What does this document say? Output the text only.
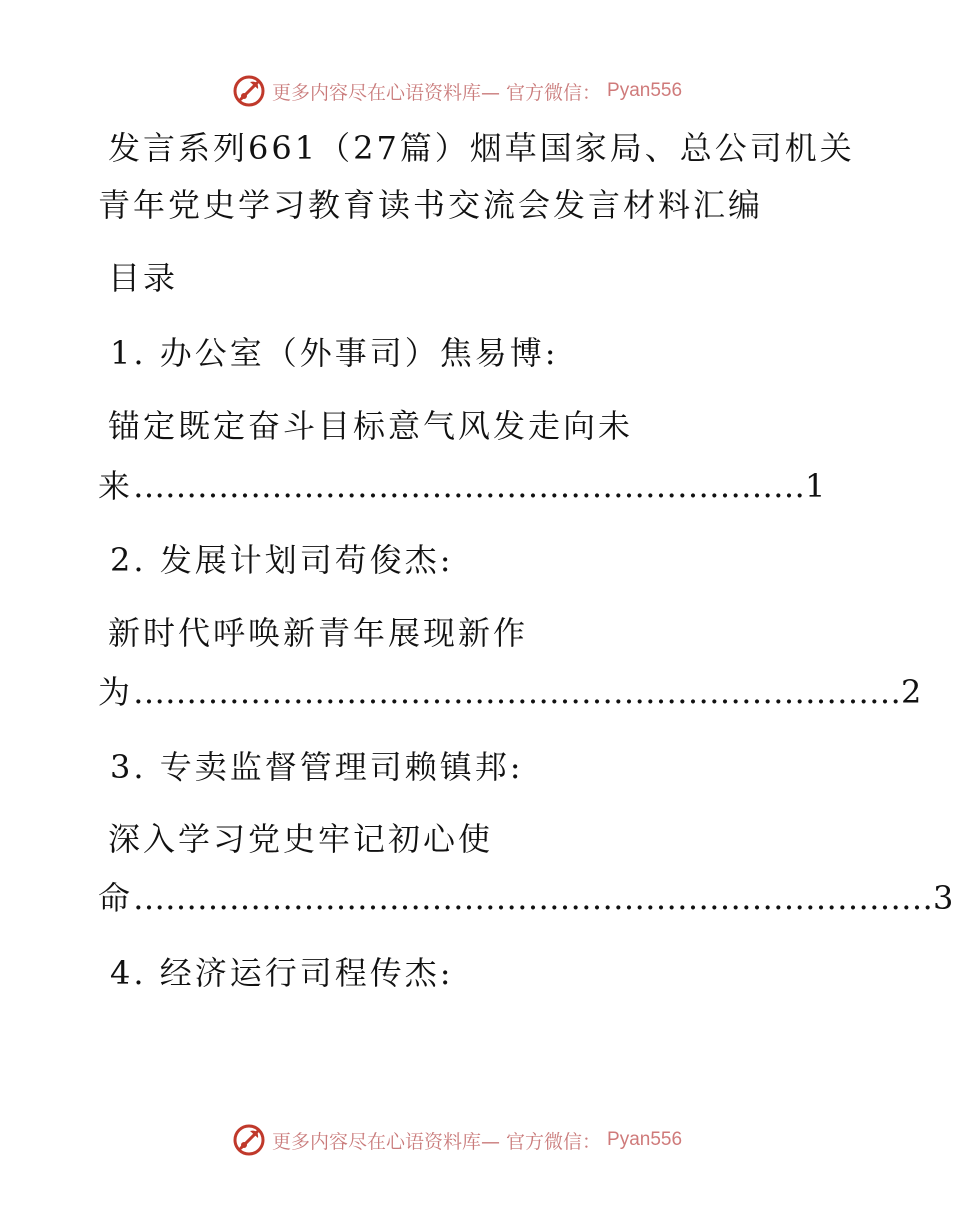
更多内容尽在心语资料库— 官方微信： Pyan556

发言系列661（27篇）烟草国家局、总公司机关

青年党史学习教育读书交流会发言材料汇编

目录

1. 办公室（外事司）焦易博:

锚定既定奋斗目标意气风发走向未

来………………………………………………………1

2. 发展计划司苟俊杰:

新时代呼唤新青年展现新作

为………………………………………………………………2

3. 专卖监督管理司赖镇邦:

深入学习党史牢记初心使

命…………………………………………………………………3

4. 经济运行司程传杰:

更多内容尽在心语资料库— 官方微信： Pyan556
